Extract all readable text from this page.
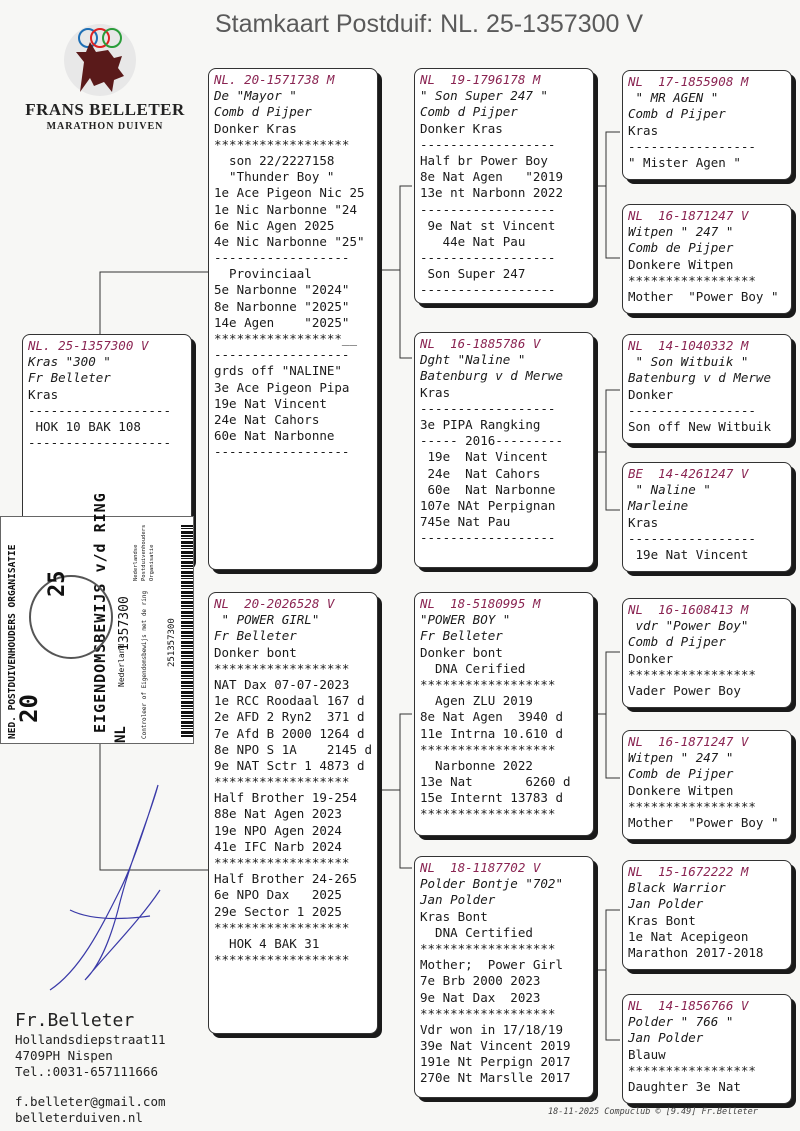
Stamkaart Postduif: NL. 25-1357300 V
FRANS BELLETER
MARATHON DUIVEN
NL. 25-1357300 V
Kras "300 "
Fr Belleter
Kras
-------------------
HOK 10 BAK 108
-------------------
NL. 20-1571738 M
De "Mayor "
Comb d Pijper
Donker Kras
******************
son 22/2227158
"Thunder Boy "
1e Ace Pigeon Nic 25
1e Nic Narbonne "24
6e Nic Agen 2025
4e Nic Narbonne "25"
------------------
Provinciaal
5e Narbonne "2024"
8e Narbonne "2025"
14e Agen    "2025"
*****************__
------------------
grds off "NALINE"
3e Ace Pigeon Pipa
19e Nat Vincent
24e Nat Cahors
60e Nat Narbonne
------------------
NL  20-2026528 V
" POWER GIRL"
Fr Belleter
Donker bont
******************
NAT Dax 07-07-2023
1e RCC Roodaal 167 d
2e AFD 2 Ryn2  371 d
7e Afd B 2000 1264 d
8e NPO S 1A    2145 d
9e NAT Sctr 1 4873 d
******************
Half Brother 19-254
88e Nat Agen 2023
19e NPO Agen 2024
41e IFC Narb 2024
******************
Half Brother 24-265
6e NPO Dax   2025
29e Sector 1 2025
******************
HOK 4 BAK 31
******************
NL  19-1796178 M
" Son Super 247 "
Comb d Pijper
Donker Kras
------------------
Half br Power Boy
8e Nat Agen   "2019
13e nt Narbonn 2022
------------------
9e Nat st Vincent
44e Nat Pau
------------------
Son Super 247
------------------
NL  16-1885786 V
Dght "Naline "
Batenburg v d Merwe
Kras
------------------
3e PIPA Rangking
----- 2016---------
19e  Nat Vincent
24e  Nat Cahors
60e  Nat Narbonne
107e NAt Perpignan
745e Nat Pau
------------------
NL  18-5180995 M
"POWER BOY "
Fr Belleter
Donker bont
DNA Cerified
******************
Agen ZLU 2019
8e Nat Agen  3940 d
11e Intrna 10.610 d
******************
Narbonne 2022
13e Nat       6260 d
15e Internt 13783 d
******************
NL  18-1187702 V
Polder Bontje "702"
Jan Polder
Kras Bont
DNA Certified
******************
Mother;  Power Girl
7e Brb 2000 2023
9e Nat Dax  2023
******************
Vdr won in 17/18/19
39e Nat Vincent 2019
191e Nt Perpign 2017
270e Nt Marslle 2017
NL  17-1855908 M
" MR AGEN "
Comb d Pijper
Kras
-----------------
" Mister Agen "
NL  16-1871247 V
Witpen " 247 "
Comb de Pijper
Donkere Witpen
*****************
Mother  "Power Boy "
NL  14-1040332 M
" Son Witbuik "
Batenburg v d Merwe
Donker
-----------------
Son off New Witbuik
BE  14-4261247 V
" Naline "
Marleine
Kras
-----------------
19e Nat Vincent
NL  16-1608413 M
vdr "Power Boy"
Comb d Pijper
Donker
*****************
Vader Power Boy
NL  16-1871247 V
Witpen " 247 "
Comb de Pijper
Donkere Witpen
*****************
Mother  "Power Boy "
NL  15-1672222 M
Black Warrior
Jan Polder
Kras Bont
1e Nat Acepigeon
Marathon 2017-2018
NL  14-1856766 V
Polder " 766 "
Jan Polder
Blauw
*****************
Daughter 3e Nat
NED. POSTDUIVENHOUDERS ORGANISATIE	EIGENDOMSBEWIJS v/d RING
25
20
NL
Nederland
1357300 Controleer of Eigendomsbewijs met de ring
Nederlandse Postduivenhouders Organisatie
251357300
Fr.Belleter
Hollandsdiepstraat11
4709PH Nispen
Tel.:0031-657111666
f.belleter@gmail.com
belleterduiven.nl	18-11-2025 Compuclub © [9.49] Fr.Belleter
